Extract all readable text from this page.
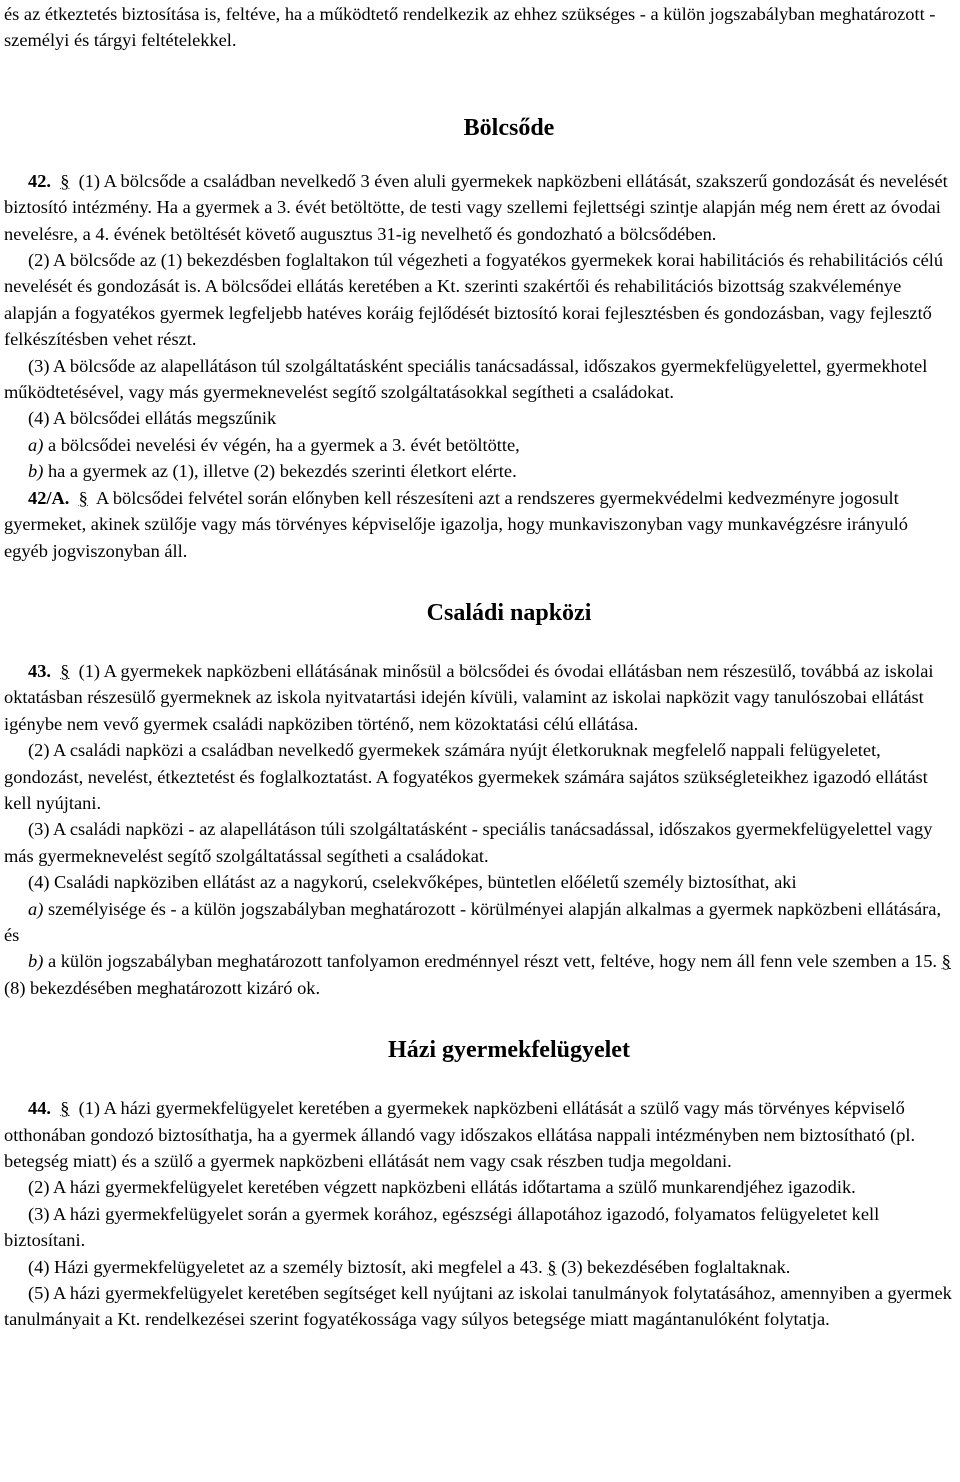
és az étkeztetés biztosítása is, feltéve, ha a működtető rendelkezik az ehhez szükséges - a külön jogszabályban meghatározott - személyi és tárgyi feltételekkel.

Bölcsőde

42. § (1) A bölcsőde a családban nevelkedő 3 éven aluli gyermekek napközbeni ellátását, szakszerű gondozását és nevelését biztosító intézmény. Ha a gyermek a 3. évét betöltötte, de testi vagy szellemi fejlettségi szintje alapján még nem érett az óvodai nevelésre, a 4. évének betöltését követő augusztus 31-ig nevelhető és gondozható a bölcsődében.

(2) A bölcsőde az (1) bekezdésben foglaltakon túl végezheti a fogyatékos gyermekek korai habilitációs és rehabilitációs célú nevelését és gondozását is. A bölcsődei ellátás keretében a Kt. szerinti szakértői és rehabilitációs bizottság szakvéleménye alapján a fogyatékos gyermek legfeljebb hatéves koráig fejlődését biztosító korai fejlesztésben és gondozásban, vagy fejlesztő felkészítésben vehet részt.

(3) A bölcsőde az alapellátáson túl szolgáltatásként speciális tanácsadással, időszakos gyermekfelügyelettel, gyermekhotel működtetésével, vagy más gyermeknevelést segítő szolgáltatásokkal segítheti a családokat.

(4) A bölcsődei ellátás megszűnik

a) a bölcsődei nevelési év végén, ha a gyermek a 3. évét betöltötte,

b) ha a gyermek az (1), illetve (2) bekezdés szerinti életkort elérte.

42/A. § A bölcsődei felvétel során előnyben kell részesíteni azt a rendszeres gyermekvédelmi kedvezményre jogosult gyermeket, akinek szülője vagy más törvényes képviselője igazolja, hogy munkaviszonyban vagy munkavégzésre irányuló egyéb jogviszonyban áll.

Családi napközi

43. § (1) A gyermekek napközbeni ellátásának minősül a bölcsődei és óvodai ellátásban nem részesülő, továbbá az iskolai oktatásban részesülő gyermeknek az iskola nyitvatartási idején kívüli, valamint az iskolai napközit vagy tanulószobai ellátást igénybe nem vevő gyermek családi napköziben történő, nem közoktatási célú ellátása.

(2) A családi napközi a családban nevelkedő gyermekek számára nyújt életkoruknak megfelelő nappali felügyeletet, gondozást, nevelést, étkeztetést és foglalkoztatást. A fogyatékos gyermekek számára sajátos szükségleteikhez igazodó ellátást kell nyújtani.

(3) A családi napközi - az alapellátáson túli szolgáltatásként - speciális tanácsadással, időszakos gyermekfelügyelettel vagy más gyermeknevelést segítő szolgáltatással segítheti a családokat.

(4) Családi napköziben ellátást az a nagykorú, cselekvőképes, büntetlen előéletű személy biztosíthat, aki

a) személyisége és - a külön jogszabályban meghatározott - körülményei alapján alkalmas a gyermek napközbeni ellátására, és

b) a külön jogszabályban meghatározott tanfolyamon eredménnyel részt vett, feltéve, hogy nem áll fenn vele szemben a 15. § (8) bekezdésében meghatározott kizáró ok.

Házi gyermekfelügyelet

44. § (1) A házi gyermekfelügyelet keretében a gyermekek napközbeni ellátását a szülő vagy más törvényes képviselő otthonában gondozó biztosíthatja, ha a gyermek állandó vagy időszakos ellátása nappali intézményben nem biztosítható (pl. betegség miatt) és a szülő a gyermek napközbeni ellátását nem vagy csak részben tudja megoldani.

(2) A házi gyermekfelügyelet keretében végzett napközbeni ellátás időtartama a szülő munkarendjéhez igazodik.

(3) A házi gyermekfelügyelet során a gyermek korához, egészségi állapotához igazodó, folyamatos felügyeletet kell biztosítani.

(4) Házi gyermekfelügyeletet az a személy biztosít, aki megfelel a 43. § (3) bekezdésében foglaltaknak.

(5) A házi gyermekfelügyelet keretében segítséget kell nyújtani az iskolai tanulmányok folytatásához, amennyiben a gyermek tanulmányait a Kt. rendelkezései szerint fogyatékossága vagy súlyos betegsége miatt magántanulóként folytatja.
